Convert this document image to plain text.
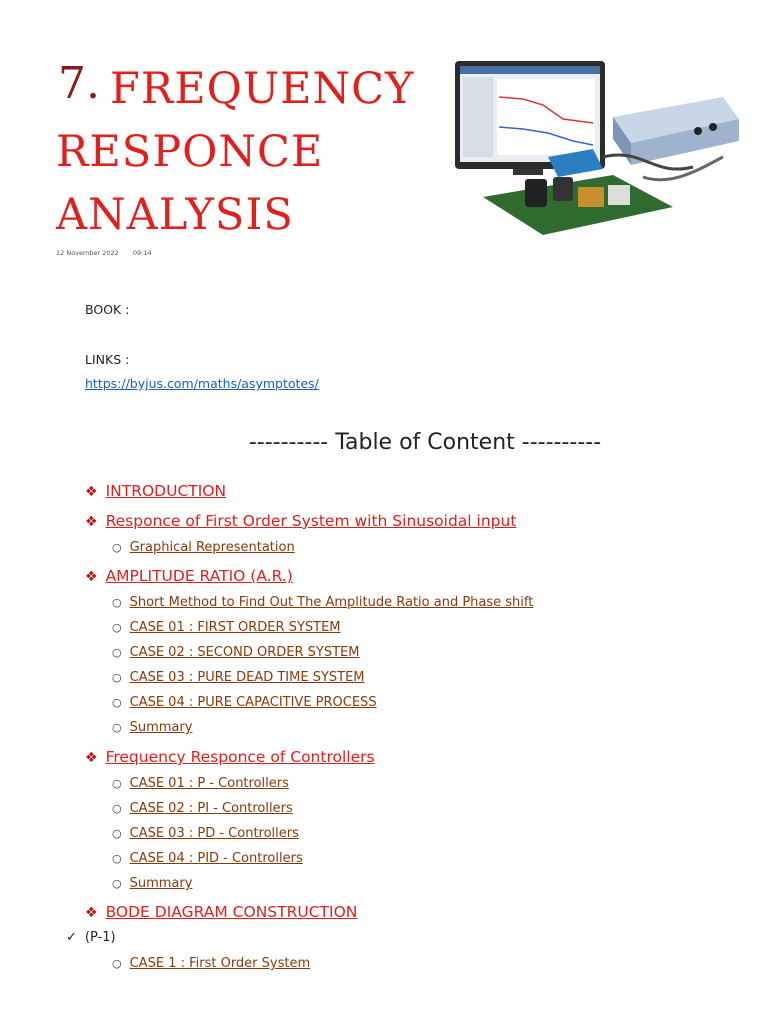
7. FREQUENCY
RESPONCE
ANALYSIS
12 November 2022 09:14
BOOK :
LINKS :
https://byjus.com/maths/asymptotes/
---------- Table of Content ----------
❖ INTRODUCTION
❖ Responce of First Order System with Sinusoidal input
○ Graphical Representation
❖ AMPLITUDE RATIO (A.R.)
○ Short Method to Find Out The Amplitude Ratio and Phase shift
○ CASE 01 : FIRST ORDER SYSTEM
○ CASE 02 : SECOND ORDER SYSTEM
○ CASE 03 : PURE DEAD TIME SYSTEM
○ CASE 04 : PURE CAPACITIVE PROCESS
○ Summary
❖ Frequency Responce of Controllers
○ CASE 01 : P - Controllers
○ CASE 02 : PI - Controllers
○ CASE 03 : PD - Controllers
○ CASE 04 : PID - Controllers
○ Summary
❖ BODE DIAGRAM CONSTRUCTION
✓ (P-1)
○ CASE 1 : First Order System
